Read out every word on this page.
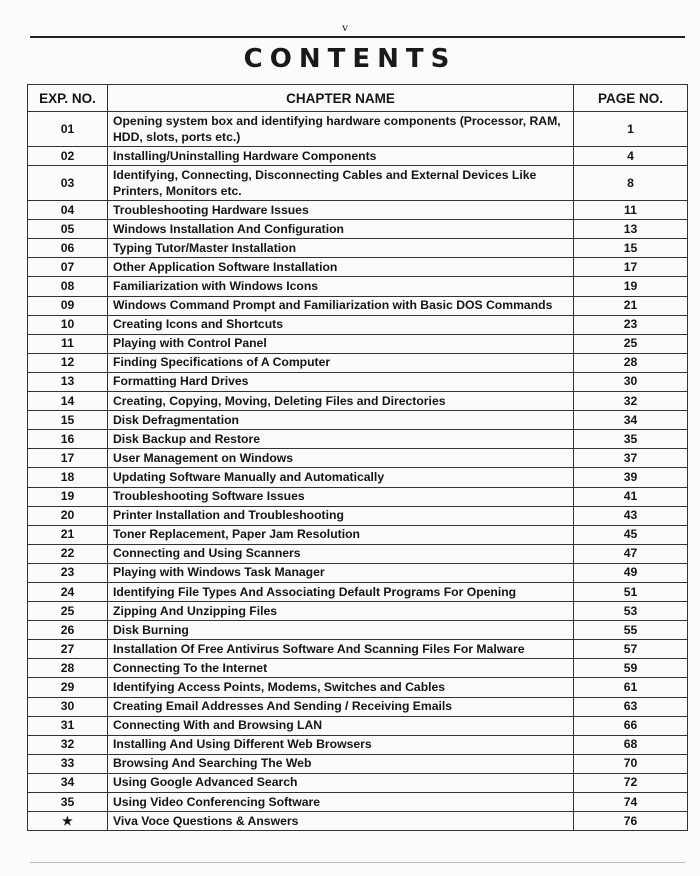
v
CONTENTS
EXP. NO.	CHAPTER NAME	PAGE NO.
01	Opening system box and identifying hardware components (Processor, RAM, HDD, slots, ports etc.)	1
02	Installing/Uninstalling Hardware Components	4
03	Identifying, Connecting, Disconnecting Cables and External Devices Like Printers, Monitors etc.	8
04	Troubleshooting Hardware Issues	11
05	Windows Installation And Configuration	13
06	Typing Tutor/Master Installation	15
07	Other Application Software Installation	17
08	Familiarization with Windows Icons	19
09	Windows Command Prompt and Familiarization with Basic DOS Commands	21
10	Creating Icons and Shortcuts	23
11	Playing with Control Panel	25
12	Finding Specifications of A Computer	28
13	Formatting Hard Drives	30
14	Creating, Copying, Moving, Deleting Files and Directories	32
15	Disk Defragmentation	34
16	Disk Backup and Restore	35
17	User Management on Windows	37
18	Updating Software Manually and Automatically	39
19	Troubleshooting Software Issues	41
20	Printer Installation and Troubleshooting	43
21	Toner Replacement, Paper Jam Resolution	45
22	Connecting and Using Scanners	47
23	Playing with Windows Task Manager	49
24	Identifying File Types And Associating Default Programs For Opening	51
25	Zipping And Unzipping Files	53
26	Disk Burning	55
27	Installation Of Free Antivirus Software And Scanning Files For Malware	57
28	Connecting To the Internet	59
29	Identifying Access Points, Modems, Switches and Cables	61
30	Creating Email Addresses And Sending / Receiving Emails	63
31	Connecting With and Browsing LAN	66
32	Installing And Using Different Web Browsers	68
33	Browsing And Searching The Web	70
34	Using Google Advanced Search	72
35	Using Video Conferencing Software	74
★	Viva Voce Questions & Answers	76
